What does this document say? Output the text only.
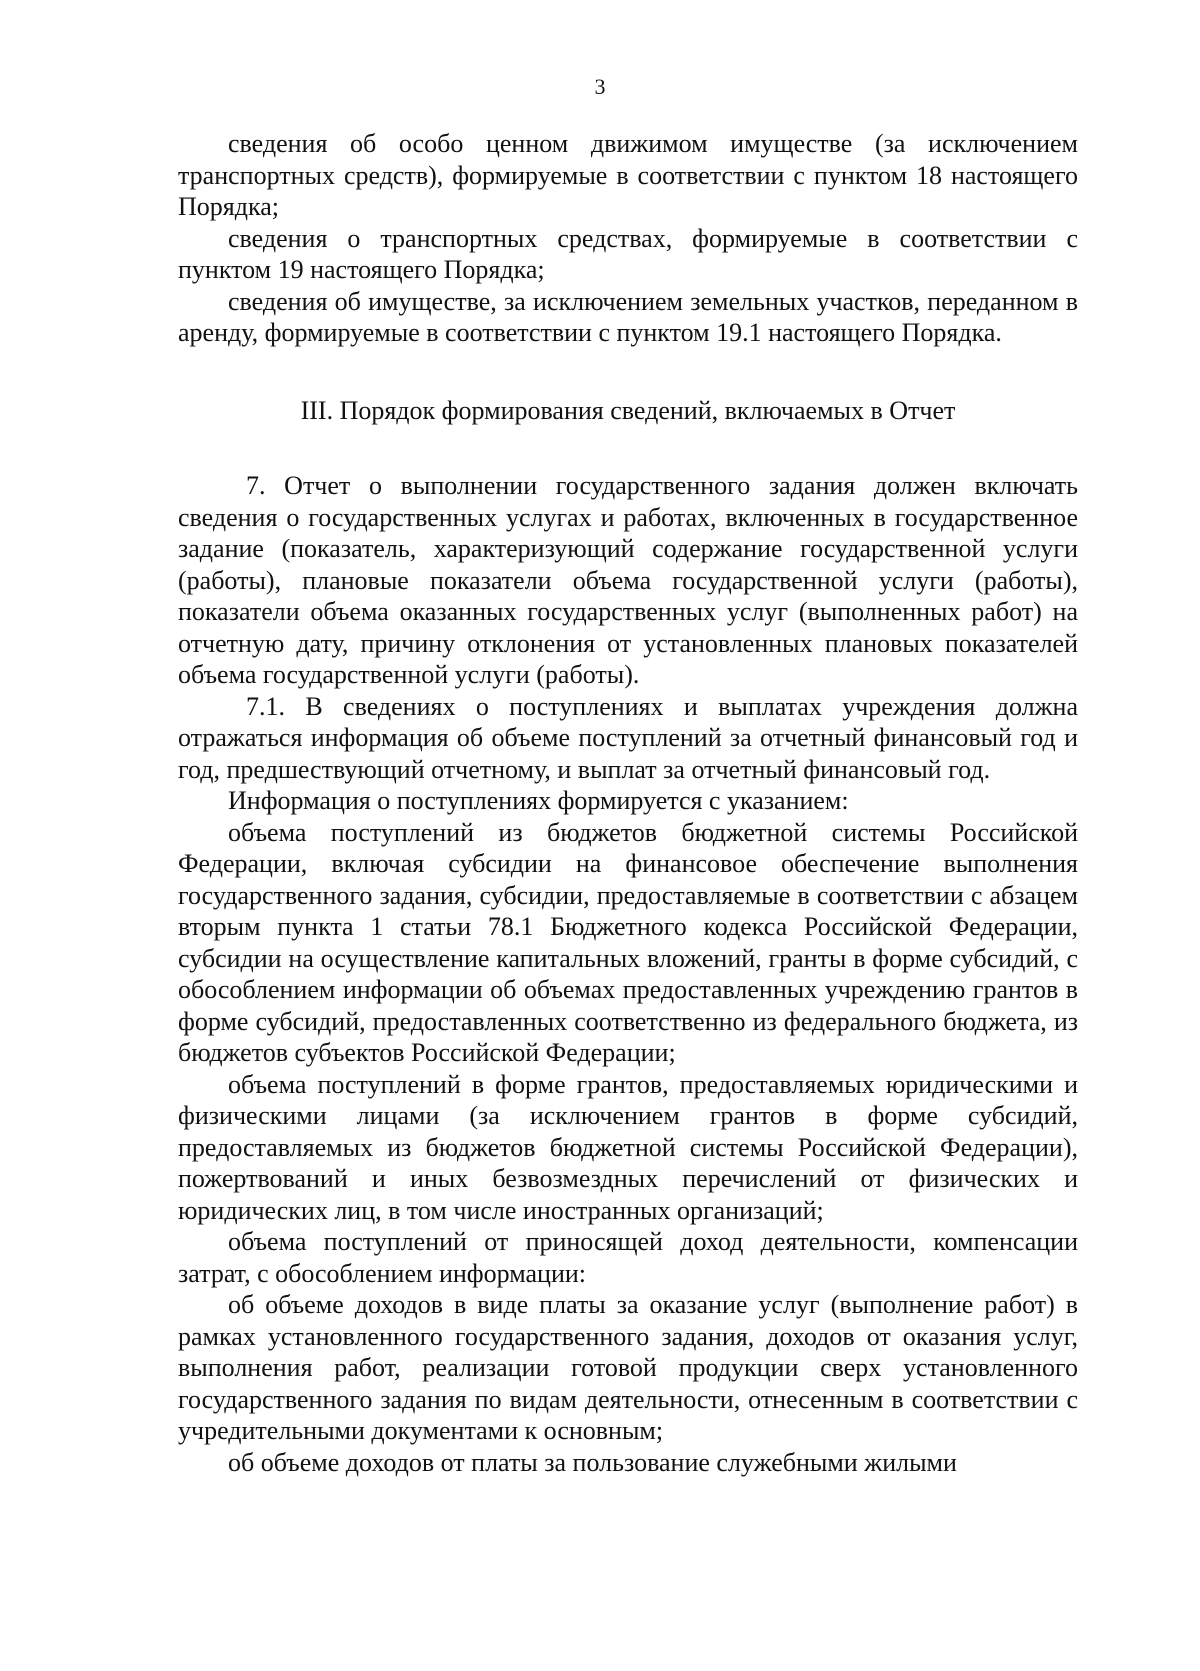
3

сведения об особо ценном движимом имуществе (за исключением транспортных средств), формируемые в соответствии с пунктом 18 настоящего Порядка;

сведения о транспортных средствах, формируемые в соответствии с пунктом 19 настоящего Порядка;

сведения об имуществе, за исключением земельных участков, переданном в аренду, формируемые в соответствии с пунктом 19.1 настоящего Порядка.

III. Порядок формирования сведений, включаемых в Отчет

7. Отчет о выполнении государственного задания должен включать сведения о государственных услугах и работах, включенных в государственное задание (показатель, характеризующий содержание государственной услуги (работы), плановые показатели объема государственной услуги (работы), показатели объема оказанных государственных услуг (выполненных работ) на отчетную дату, причину отклонения от установленных плановых показателей объема государственной услуги (работы).

7.1. В сведениях о поступлениях и выплатах учреждения должна отражаться информация об объеме поступлений за отчетный финансовый год и год, предшествующий отчетному, и выплат за отчетный финансовый год.

Информация о поступлениях формируется с указанием:

объема поступлений из бюджетов бюджетной системы Российской Федерации, включая субсидии на финансовое обеспечение выполнения государственного задания, субсидии, предоставляемые в соответствии с абзацем вторым пункта 1 статьи 78.1 Бюджетного кодекса Российской Федерации, субсидии на осуществление капитальных вложений, гранты в форме субсидий, с обособлением информации об объемах предоставленных учреждению грантов в форме субсидий, предоставленных соответственно из федерального бюджета, из бюджетов субъектов Российской Федерации;

объема поступлений в форме грантов, предоставляемых юридическими и физическими лицами (за исключением грантов в форме субсидий, предоставляемых из бюджетов бюджетной системы Российской Федерации), пожертвований и иных безвозмездных перечислений от физических и юридических лиц, в том числе иностранных организаций;

объема поступлений от приносящей доход деятельности, компенсации затрат, с обособлением информации:

об объеме доходов в виде платы за оказание услуг (выполнение работ) в рамках установленного государственного задания, доходов от оказания услуг, выполнения работ, реализации готовой продукции сверх установленного государственного задания по видам деятельности, отнесенным в соответствии с учредительными документами к основным;

об объеме доходов от платы за пользование служебными жилыми
